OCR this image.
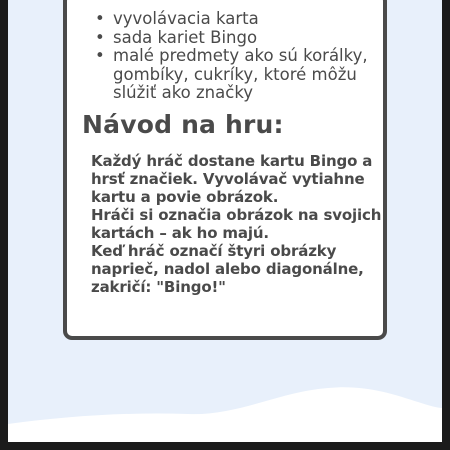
• vyvolávacia karta
• sada kariet Bingo
• malé predmety ako sú korálky, gombíky, cukríky, ktoré môžu slúžiť ako značky
Návod na hru:

Každý hráč dostane kartu Bingo a hrsť značiek. Vyvolávač vytiahne kartu a povie obrázok.
Hráči si označia obrázok na svojich kartách – ak ho majú.
Keď hráč označí štyri obrázky naprieč, nadol alebo diagonálne, zakričí: "Bingo!"
